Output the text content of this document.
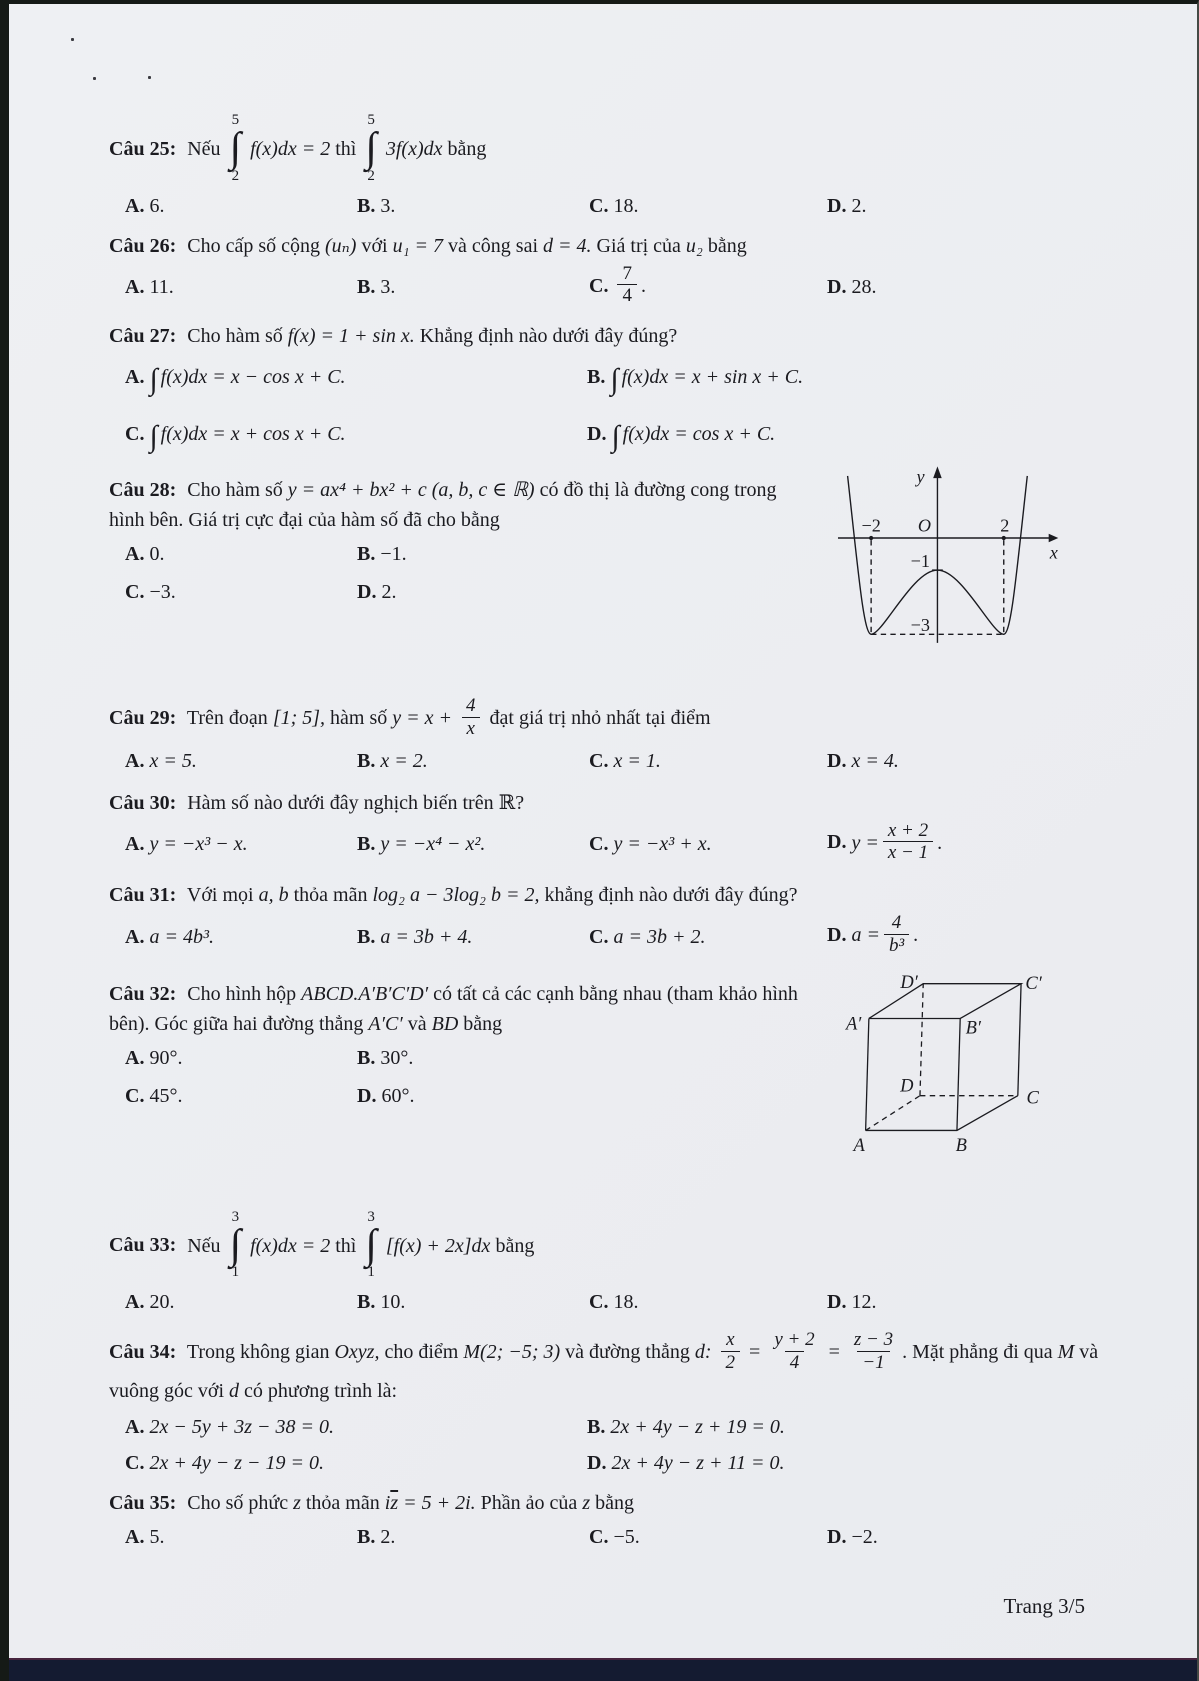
Câu 25: Nếu
5
∫
2
f(x)dx = 2 thì
5
∫
2
3f(x)dx bằng
A. 6.	B. 3.	C. 18.	D. 2.
Câu 26: Cho cấp số cộng (uₙ) với u₁ = 7 và công sai d = 4. Giá trị của u₂ bằng
A. 11.	B. 3.	C. $\frac{7}{4}$ .	D. 28.
Câu 27: Cho hàm số f(x) = 1 + sin x. Khẳng định nào dưới đây đúng?
A. ∫ f(x)dx = x − cos x + C.	B. ∫ f(x)dx = x + sin x + C.
C. ∫ f(x)dx = x + cos x + C.	D. ∫ f(x)dx = cos x + C.
y
x
O
−2	2
−1
−3
Câu 28: Cho hàm số y = ax⁴ + bx² + c (a, b, c ∈ ℝ) có đồ thị là đường cong trong hình bên. Giá trị cực đại của hàm số đã cho bằng
A. 0.	B. −1.
C. −3.	D. 2.
Câu 29: Trên đoạn [1; 5], hàm số $y = x + \frac{4}{x}$ đạt giá trị nhỏ nhất tại điểm
A. x = 5.	B. x = 2.	C. x = 1.	D. x = 4.
Câu 30: Hàm số nào dưới đây nghịch biến trên ℝ?
A. y = −x³ − x.	B. y = −x⁴ − x².	C. y = −x³ + x.	D. $y = \frac{x + 2}{x - 1}$ .
Câu 31: Với mọi a, b thỏa mãn log₂ a − 3log₂ b = 2, khẳng định nào dưới đây đúng?
A. a = 4b³.	B. a = 3b + 4.	C. a = 3b + 2.	D. $a = \frac{4}{\text{b³}}$ .
A	B
C
D
A′	B′
C′
D′
Câu 32: Cho hình hộp ABCD.A′B′C′D′ có tất cả các cạnh bằng nhau (tham khảo hình bên). Góc giữa hai đường thẳng A′C′ và BD bằng
A. 90°.	B. 30°.
C. 45°.	D. 60°.
Câu 33: Nếu
3
∫
1
f(x)dx = 2 thì
3
∫
1
[f(x) + 2x]dx bằng
A. 20.	B. 10.	C. 18.	D. 12.
Câu 34: Trong không gian Oxyz, cho điểm M(2; −5; 3) và đường thẳng d: $\frac{x}{2} = \frac{y + 2}{4} = \frac{z - 3}{-1}$ . Mặt phẳng đi qua M và vuông góc với d có phương trình là:
A. 2x − 5y + 3z − 38 = 0.	B. 2x + 4y − z + 19 = 0.
C. 2x + 4y − z − 19 = 0.	D. 2x + 4y − z + 11 = 0.
Câu 35: Cho số phức z thỏa mãn $i\overline{z} = 5 + 2i$. Phần ảo của z bằng
A. 5.	B. 2.	C. −5.	D. −2.
Trang 3/5
